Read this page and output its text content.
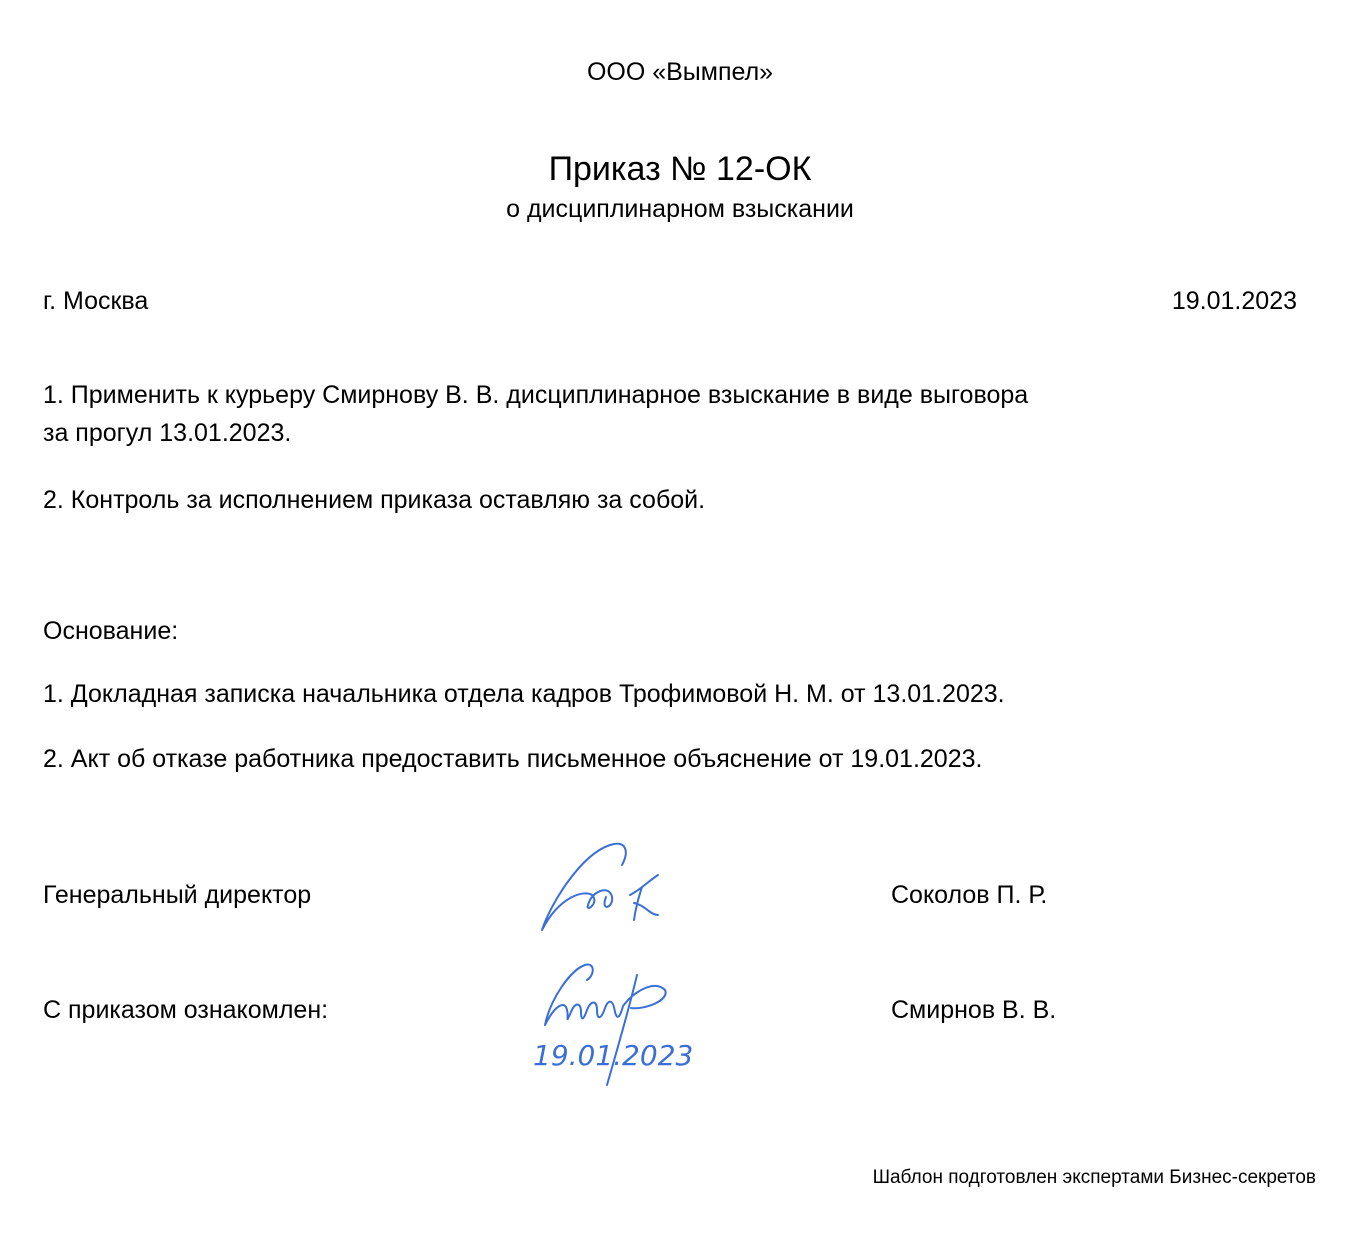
ООО «Вымпел»
Приказ № 12-ОК
о дисциплинарном взыскании
г. Москва	19.01.2023
1. Применить к курьеру Смирнову В. В. дисциплинарное взыскание в виде выговора
за прогул 13.01.2023.
2. Контроль за исполнением приказа оставляю за собой.
Основание:
1. Докладная записка начальника отдела кадров Трофимовой Н. М. от 13.01.2023.
2. Акт об отказе работника предоставить письменное объяснение от 19.01.2023.
Генеральный директор	Соколов П. Р.
С приказом ознакомлен:
19.01.2023
Смирнов В. В.
Шаблон подготовлен экспертами Бизнес-секретов
